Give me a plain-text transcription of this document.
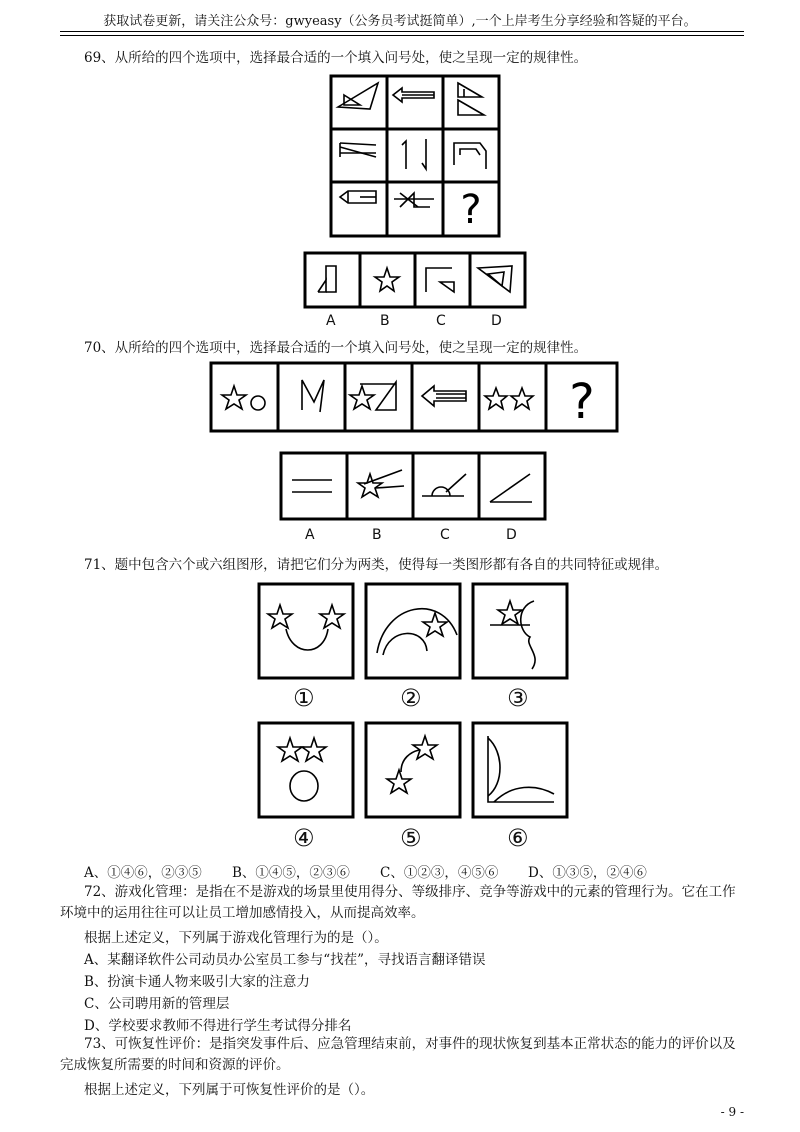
获取试卷更新，请关注公众号：gwyeasy（公务员考试挺简单）,一个上岸考生分享经验和答疑的平台。
69、从所给的四个选项中，选择最合适的一个填入问号处，使之呈现一定的规律性。
?
A	B	C	D
70、从所给的四个选项中，选择最合适的一个填入问号处，使之呈现一定的规律性。
?
A	B	C	D
71、题中包含六个或六组图形，请把它们分为两类，使得每一类图形都有各自的共同特征或规律。
①	②	③
④	⑤	⑥
A、①④⑥，②③⑤ B、①④⑤，②③⑥ C、①②③，④⑤⑥ D、①③⑤，②④⑥
72、游戏化管理：是指在不是游戏的场景里使用得分、等级排序、竞争等游戏中的元素的管理行为。它在工作环境中的运用往往可以让员工增加感情投入，从而提高效率。
根据上述定义，下列属于游戏化管理行为的是（）。
A、某翻译软件公司动员办公室员工参与“找茬”，寻找语言翻译错误
B、扮演卡通人物来吸引大家的注意力
C、公司聘用新的管理层
D、学校要求教师不得进行学生考试得分排名
73、可恢复性评价：是指突发事件后、应急管理结束前，对事件的现状恢复到基本正常状态的能力的评价以及完成恢复所需要的时间和资源的评价。
根据上述定义，下列属于可恢复性评价的是（）。
- 9 -
